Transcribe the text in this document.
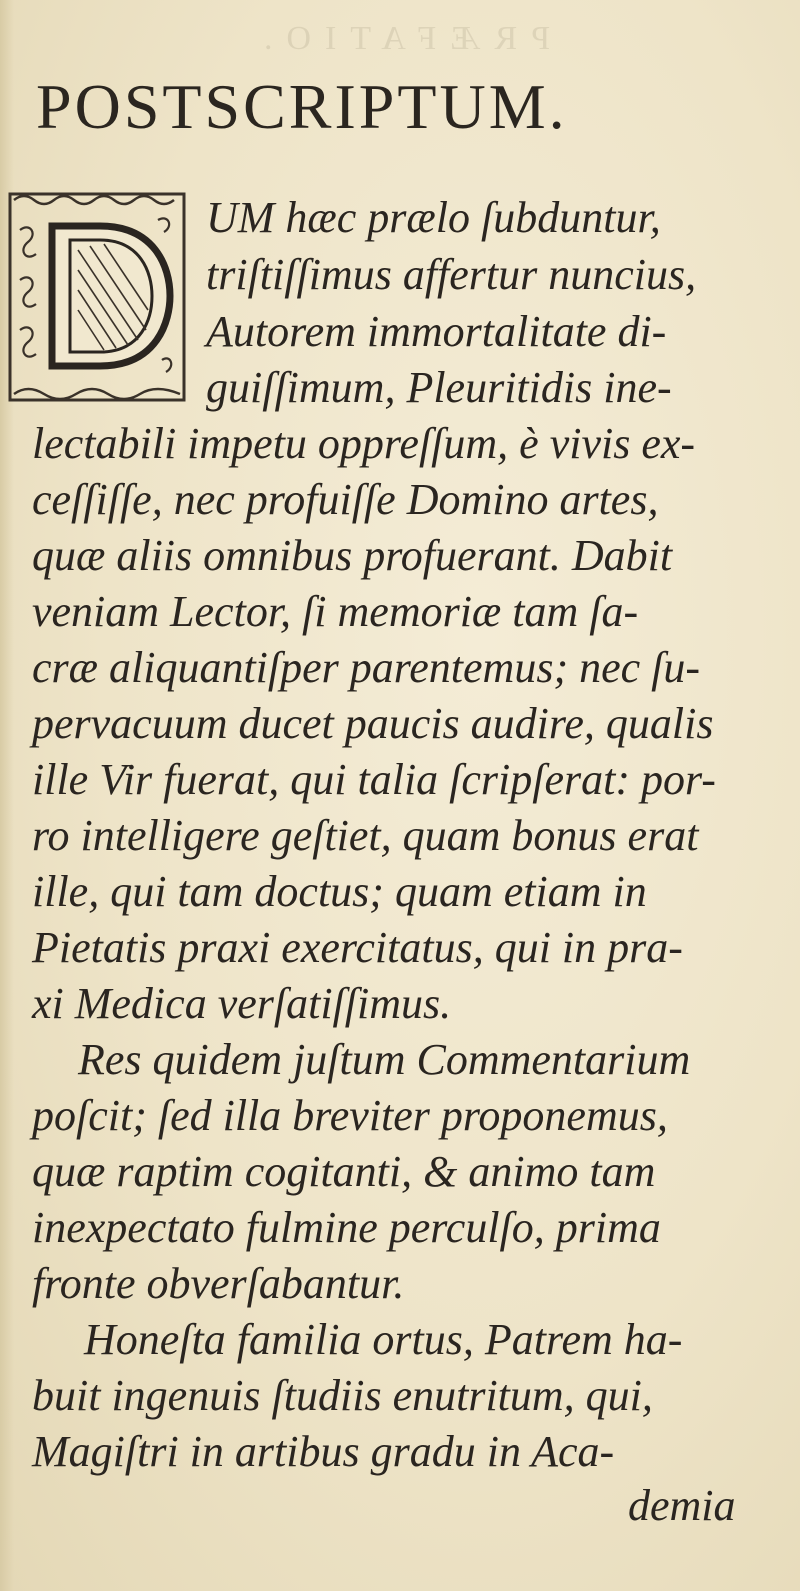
PRÆFATIO.
POSTSCRIPTUM.
UM hæc prælo ſubduntur,
triſtiſſimus affertur nuncius,
Autorem immortalitate di-
guiſſimum, Pleuritidis ine-
lectabili impetu oppreſſum, è vivis ex-
ceſſiſſe, nec profuiſſe Domino artes,
quæ aliis omnibus profuerant. Dabit
veniam Lector, ſi memoriæ tam ſa-
cræ aliquantiſper parentemus; nec ſu-
pervacuum ducet paucis audire, qualis
ille Vir fuerat, qui talia ſcripſerat: por-
ro intelligere geſtiet, quam bonus erat
ille, qui tam doctus; quam etiam in
Pietatis praxi exercitatus, qui in pra-
xi Medica verſatiſſimus.
Res quidem juſtum Commentarium
poſcit; ſed illa breviter proponemus,
quæ raptim cogitanti, & animo tam
inexpectato fulmine perculſo, prima
fronte obverſabantur.
Honeſta familia ortus, Patrem ha-
buit ingenuis ſtudiis enutritum, qui,
Magiſtri in artibus gradu in Aca-
demia
